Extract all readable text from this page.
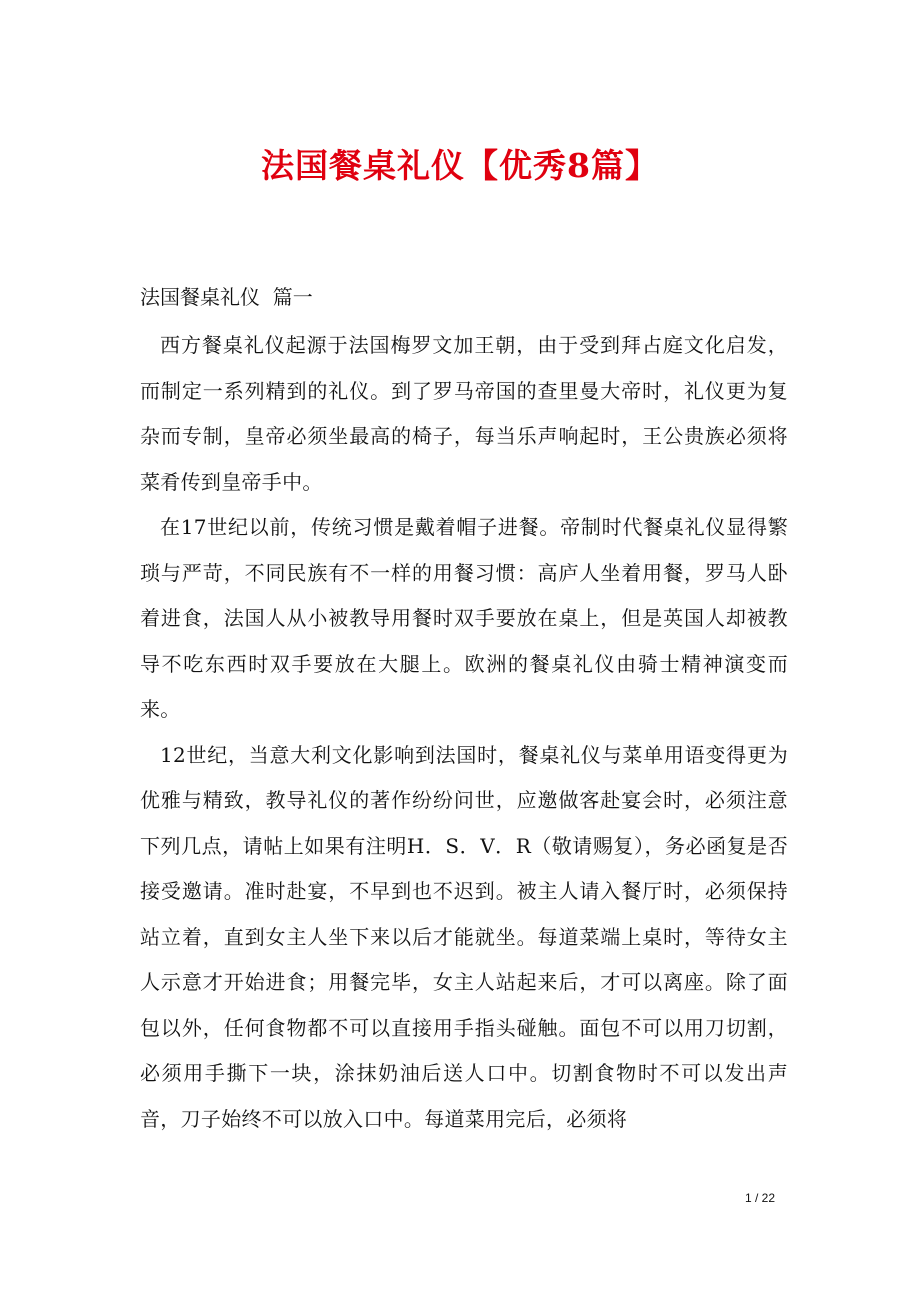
法国餐桌礼仪【优秀8篇】
法国餐桌礼仪  篇一

西方餐桌礼仪起源于法国梅罗文加王朝，由于受到拜占庭文化启发，而制定一系列精到的礼仪。到了罗马帝国的查里曼大帝时，礼仪更为复杂而专制，皇帝必须坐最高的椅子，每当乐声响起时，王公贵族必须将菜肴传到皇帝手中。

在17世纪以前，传统习惯是戴着帽子进餐。帝制时代餐桌礼仪显得繁琐与严苛，不同民族有不一样的用餐习惯：高庐人坐着用餐，罗马人卧着进食，法国人从小被教导用餐时双手要放在桌上，但是英国人却被教导不吃东西时双手要放在大腿上。欧洲的餐桌礼仪由骑士精神演变而来。

12世纪，当意大利文化影响到法国时，餐桌礼仪与菜单用语变得更为优雅与精致，教导礼仪的著作纷纷问世，应邀做客赴宴会时，必须注意下列几点，请帖上如果有注明H．S．V．R（敬请赐复），务必函复是否接受邀请。准时赴宴，不早到也不迟到。被主人请入餐厅时，必须保持站立着，直到女主人坐下来以后才能就坐。每道菜端上桌时，等待女主人示意才开始进食；用餐完毕，女主人站起来后，才可以离座。除了面包以外，任何食物都不可以直接用手指头碰触。面包不可以用刀切割，必须用手撕下一块，涂抹奶油后送人口中。切割食物时不可以发出声音，刀子始终不可以放入口中。每道菜用完后，必须将

1 / 22
